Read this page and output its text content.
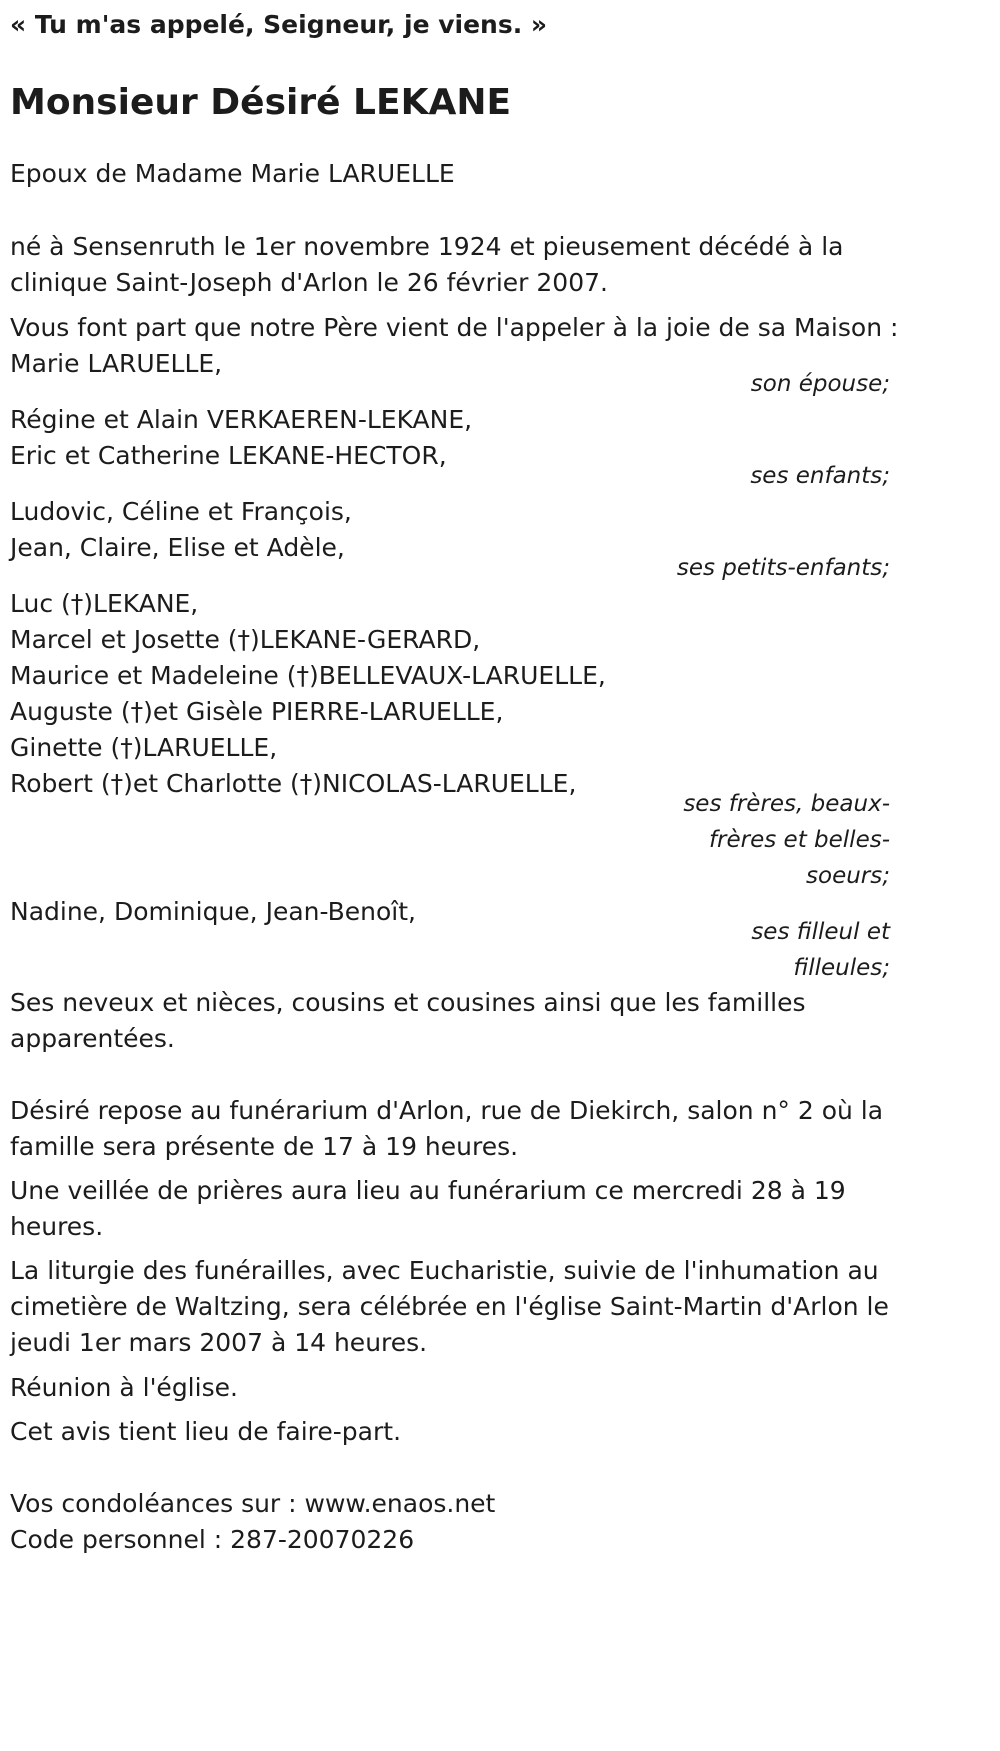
« Tu m'as appelé, Seigneur, je viens. »
Monsieur Désiré LEKANE
Epoux de Madame Marie LARUELLE
né à Sensenruth le 1er novembre 1924 et pieusement décédé à la
clinique Saint-Joseph d'Arlon le 26 février 2007.
Vous font part que notre Père vient de l'appeler à la joie de sa Maison :
Marie LARUELLE,
son épouse;
Régine et Alain VERKAEREN-LEKANE,
Eric et Catherine LEKANE-HECTOR,
ses enfants;
Ludovic, Céline et François,
Jean, Claire, Elise et Adèle,
ses petits-enfants;
Luc (†)LEKANE,
Marcel et Josette (†)LEKANE-GERARD,
Maurice et Madeleine (†)BELLEVAUX-LARUELLE,
Auguste (†)et Gisèle PIERRE-LARUELLE,
Ginette (†)LARUELLE,
Robert (†)et Charlotte (†)NICOLAS-LARUELLE,
ses frères, beaux-
frères et belles-
soeurs;
Nadine, Dominique, Jean-Benoît,
ses filleul et
filleules;
Ses neveux et nièces, cousins et cousines ainsi que les familles
apparentées.
Désiré repose au funérarium d'Arlon, rue de Diekirch, salon n° 2 où la
famille sera présente de 17 à 19 heures.
Une veillée de prières aura lieu au funérarium ce mercredi 28 à 19
heures.
La liturgie des funérailles, avec Eucharistie, suivie de l'inhumation au
cimetière de Waltzing, sera célébrée en l'église Saint-Martin d'Arlon le
jeudi 1er mars 2007 à 14 heures.
Réunion à l'église.
Cet avis tient lieu de faire-part.
Vos condoléances sur : www.enaos.net
Code personnel : 287-20070226
